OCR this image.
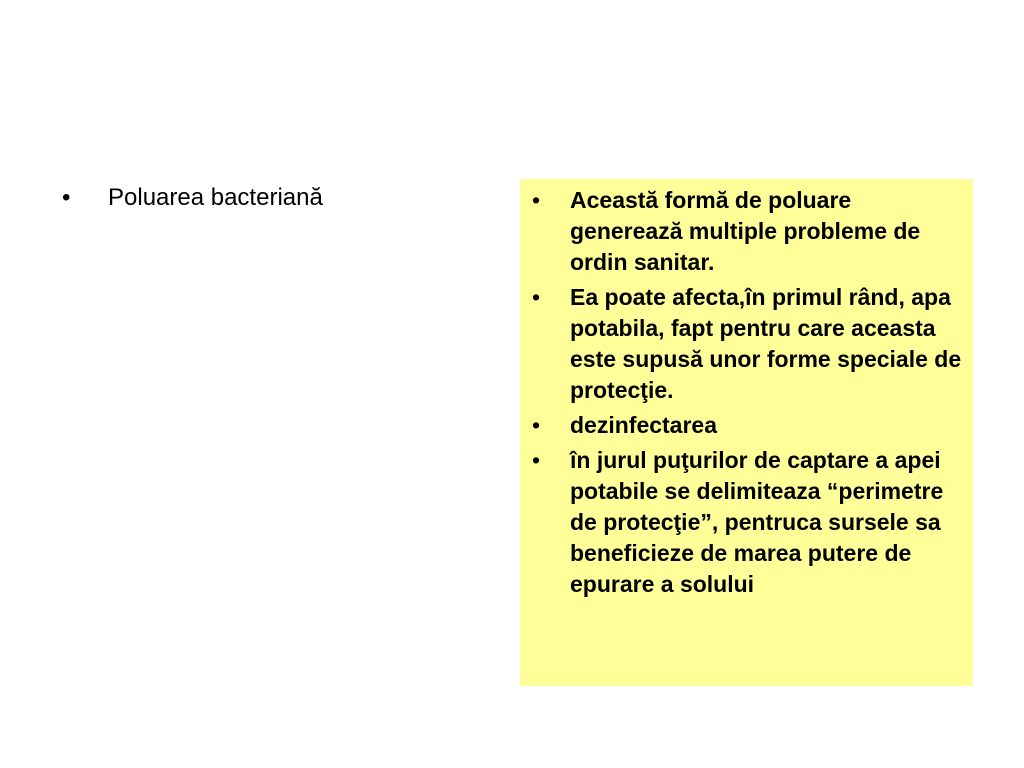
•	Poluarea bacteriană	•	Această formă de poluare generează multiple probleme de ordin sanitar.
•	Ea poate afecta,în primul rând, apa potabila, fapt pentru care aceasta este supusă unor forme speciale de protecţie.
•	dezinfectarea
•	în jurul puţurilor de captare a apei potabile se delimiteaza “perimetre de protecţie”, pentruca sursele sa beneficieze de marea putere de epurare a solului
